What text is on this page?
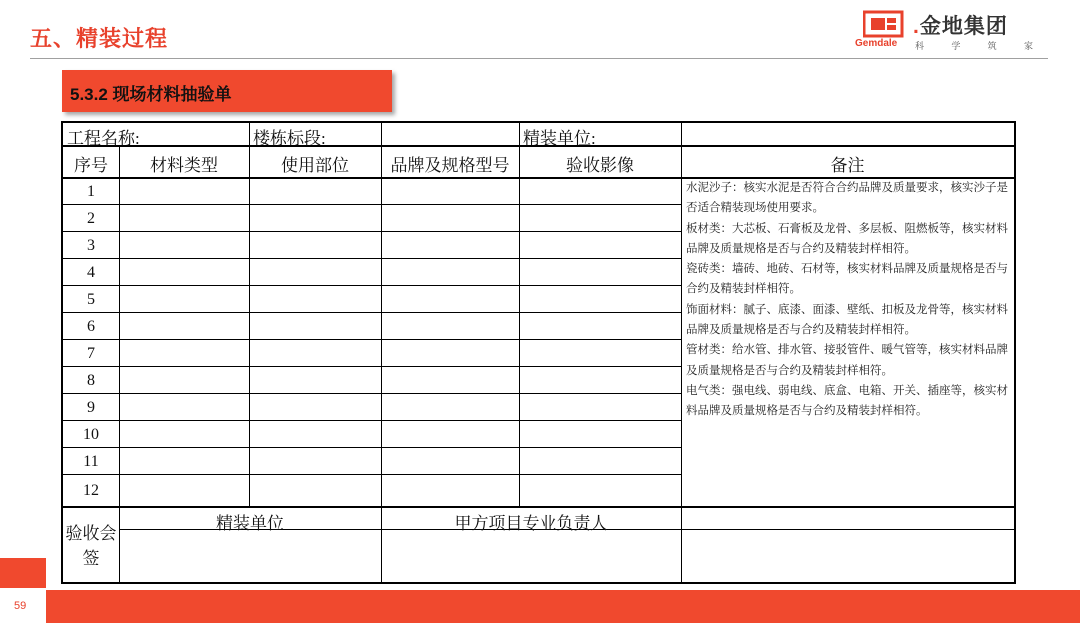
五、精装过程	.金地集团
Gemdale 科	学	筑	家
5.3.2 现场材料抽验单
工程名称:	楼栋标段:	精装单位:
序号	材料类型	使用部位	品牌及规格型号	验收影像	备注
1
2
3
4
5
6
7
8
9
10
11
12

水泥沙子：核实水泥是否符合合约品牌及质量要求，核实沙子是否适合精装现场使用要求。

板材类：大芯板、石膏板及龙骨、多层板、阻燃板等，核实材料品牌及质量规格是否与合约及精装封样相符。

瓷砖类：墙砖、地砖、石材等，核实材料品牌及质量规格是否与合约及精装封样相符。

饰面材料：腻子、底漆、面漆、壁纸、扣板及龙骨等，核实材料品牌及质量规格是否与合约及精装封样相符。

管材类：给水管、排水管、接驳管件、暖气管等，核实材料品牌及质量规格是否与合约及精装封样相符。

电气类：强电线、弱电线、底盒、电箱、开关、插座等，核实材料品牌及质量规格是否与合约及精装封样相符。

验收会签
精装单位	甲方项目专业负责人
59
